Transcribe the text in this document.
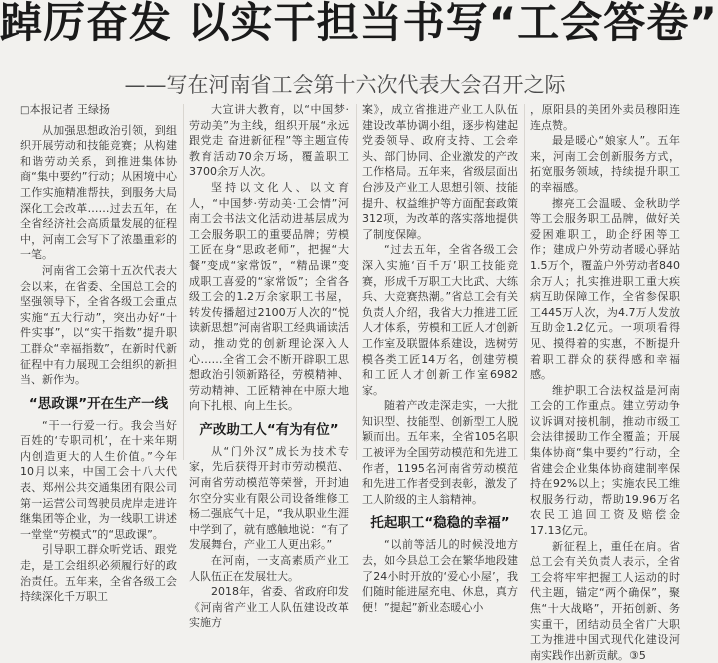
踔厉奋发 以实干担当书写“工会答卷”
——写在河南省工会第十六次代表大会召开之际
□本报记者 王绿扬

从加强思想政治引领，到组织开展劳动和技能竞赛；从构建和谐劳动关系，到推进集体协商“集中要约”行动；从困境中心工作实施精准帮扶，到服务大局深化工会改革……过去五年，在全省经济社会高质量发展的征程中，河南工会写下了浓墨重彩的一笔。

河南省工会第十五次代表大会以来，在省委、全国总工会的坚强领导下，全省各级工会重点实施“五大行动”，突出办好“十件实事”，以“实干指数”提升职工群众“幸福指数”，在新时代新征程中有力展现工会组织的新担当、新作为。

“思政课”开在生产一线

“干一行爱一行。我会当好百姓的‘专职司机’，在十来年期内创造更大的人生价值。”今年10月以来，中国工会十八大代表、郑州公共交通集团有限公司第一运营公司驾驶员虎岸走进许继集团等企业，为一线职工讲述一堂堂“劳模式”的“思政课”。

引导职工群众听党话、跟党走，是工会组织必须履行好的政治责任。五年来，全省各级工会持续深化千万职工

大宣讲大教育，以“中国梦·劳动美”为主线，组织开展“永远跟党走 奋进新征程”等主题宣传教育活动70余万场，覆盖职工3700余万人次。

坚持以文化人、以文育人，“中国梦·劳动美·工会情”河南工会书法文化活动进基层成为工会服务职工的重要品牌；劳模工匠在身“思政老师”，把握“大餐”变成“家常饭”，“精品课”变成职工喜爱的“家常饭”；全省各级工会的1.2万余家职工书屋，转发传播超过2100万人次的“悦读新思想”河南省职工经典诵读活动，推动党的创新理论深入人心……全省工会不断开辟职工思想政治引领新路径，劳模精神、劳动精神、工匠精神在中原大地向下扎根、向上生长。

产改助工人“有为有位”

从“门外汉”成长为技术专家，先后获得开封市劳动模范、河南省劳动模范等荣誉，开封迪尔空分实业有限公司设备维修工杨二强底气十足，“我从职业生涯中学到了，就有感触地说：“有了发展舞台，产业工人更出彩。”

在河南，一支高素质产业工人队伍正在发展壮大。

2018年，省委、省政府印发《河南省产业工人队伍建设改革实施方

案》，成立省推进产业工人队伍建设改革协调小组，逐步构建起党委领导、政府支持、工会牵头、部门协同、企业激发的产改工作格局。五年来，省级层面出台涉及产业工人思想引领、技能提升、权益维护等方面配套政策312项，为改革的落实落地提供了制度保障。

“过去五年，全省各级工会深入实施‘百千万’职工技能竞赛，形成千万职工大比武、大练兵、大竞赛热潮。”省总工会有关负责人介绍，我省大力推进工匠人才体系，劳模和工匠人才创新工作室及联盟体系建设，选树劳模各类工匠14万名，创建劳模和工匠人才创新工作室6982家。

随着产改走深走实，一大批知识型、技能型、创新型工人脱颖而出。五年来，全省105名职工被评为全国劳动模范和先进工作者，1195名河南省劳动模范和先进工作者受到表彰，激发了工人阶级的主人翁精神。

托起职工“稳稳的幸福”

“以前等活儿的时候没地方去，如今县总工会在繁华地段建了24小时开放的‘爱心小屋’，我们随时能进屋充电、休息，真方便！”提起”新业态暖心小

，原阳县的美团外卖员穆阳连连点赞。

最是暖心“娘家人”。五年来，河南工会创新服务方式，拓宽服务领域，持续提升职工的幸福感。

擦亮工会温暖、金秋助学等工会服务职工品牌，做好关爱困难职工，助企纾困等工作；建成户外劳动者暖心驿站1.5万个，覆盖户外劳动者840余万人；扎实推进职工重大疾病互助保障工作，全省参保职工445万人次，为4.7万人发放互助金1.2亿元。一项项看得见、摸得着的实惠，不断提升着职工群众的获得感和幸福感。

维护职工合法权益是河南工会的工作重点。建立劳动争议诉调对接机制，推动市级工会法律援助工作全覆盖；开展集体协商“集中要约”行动，全省建会企业集体协商建制率保持在92%以上；实施农民工维权服务行动，帮助19.96万名农民工追回工资及赔偿金17.13亿元。

新征程上，重任在肩。省总工会有关负责人表示，全省工会将牢牢把握工人运动的时代主题，锚定“两个确保”，聚焦“十大战略”，开拓创新、务实重干，团结动员全省广大职工为推进中国式现代化建设河南实践作出新贡献。③5
